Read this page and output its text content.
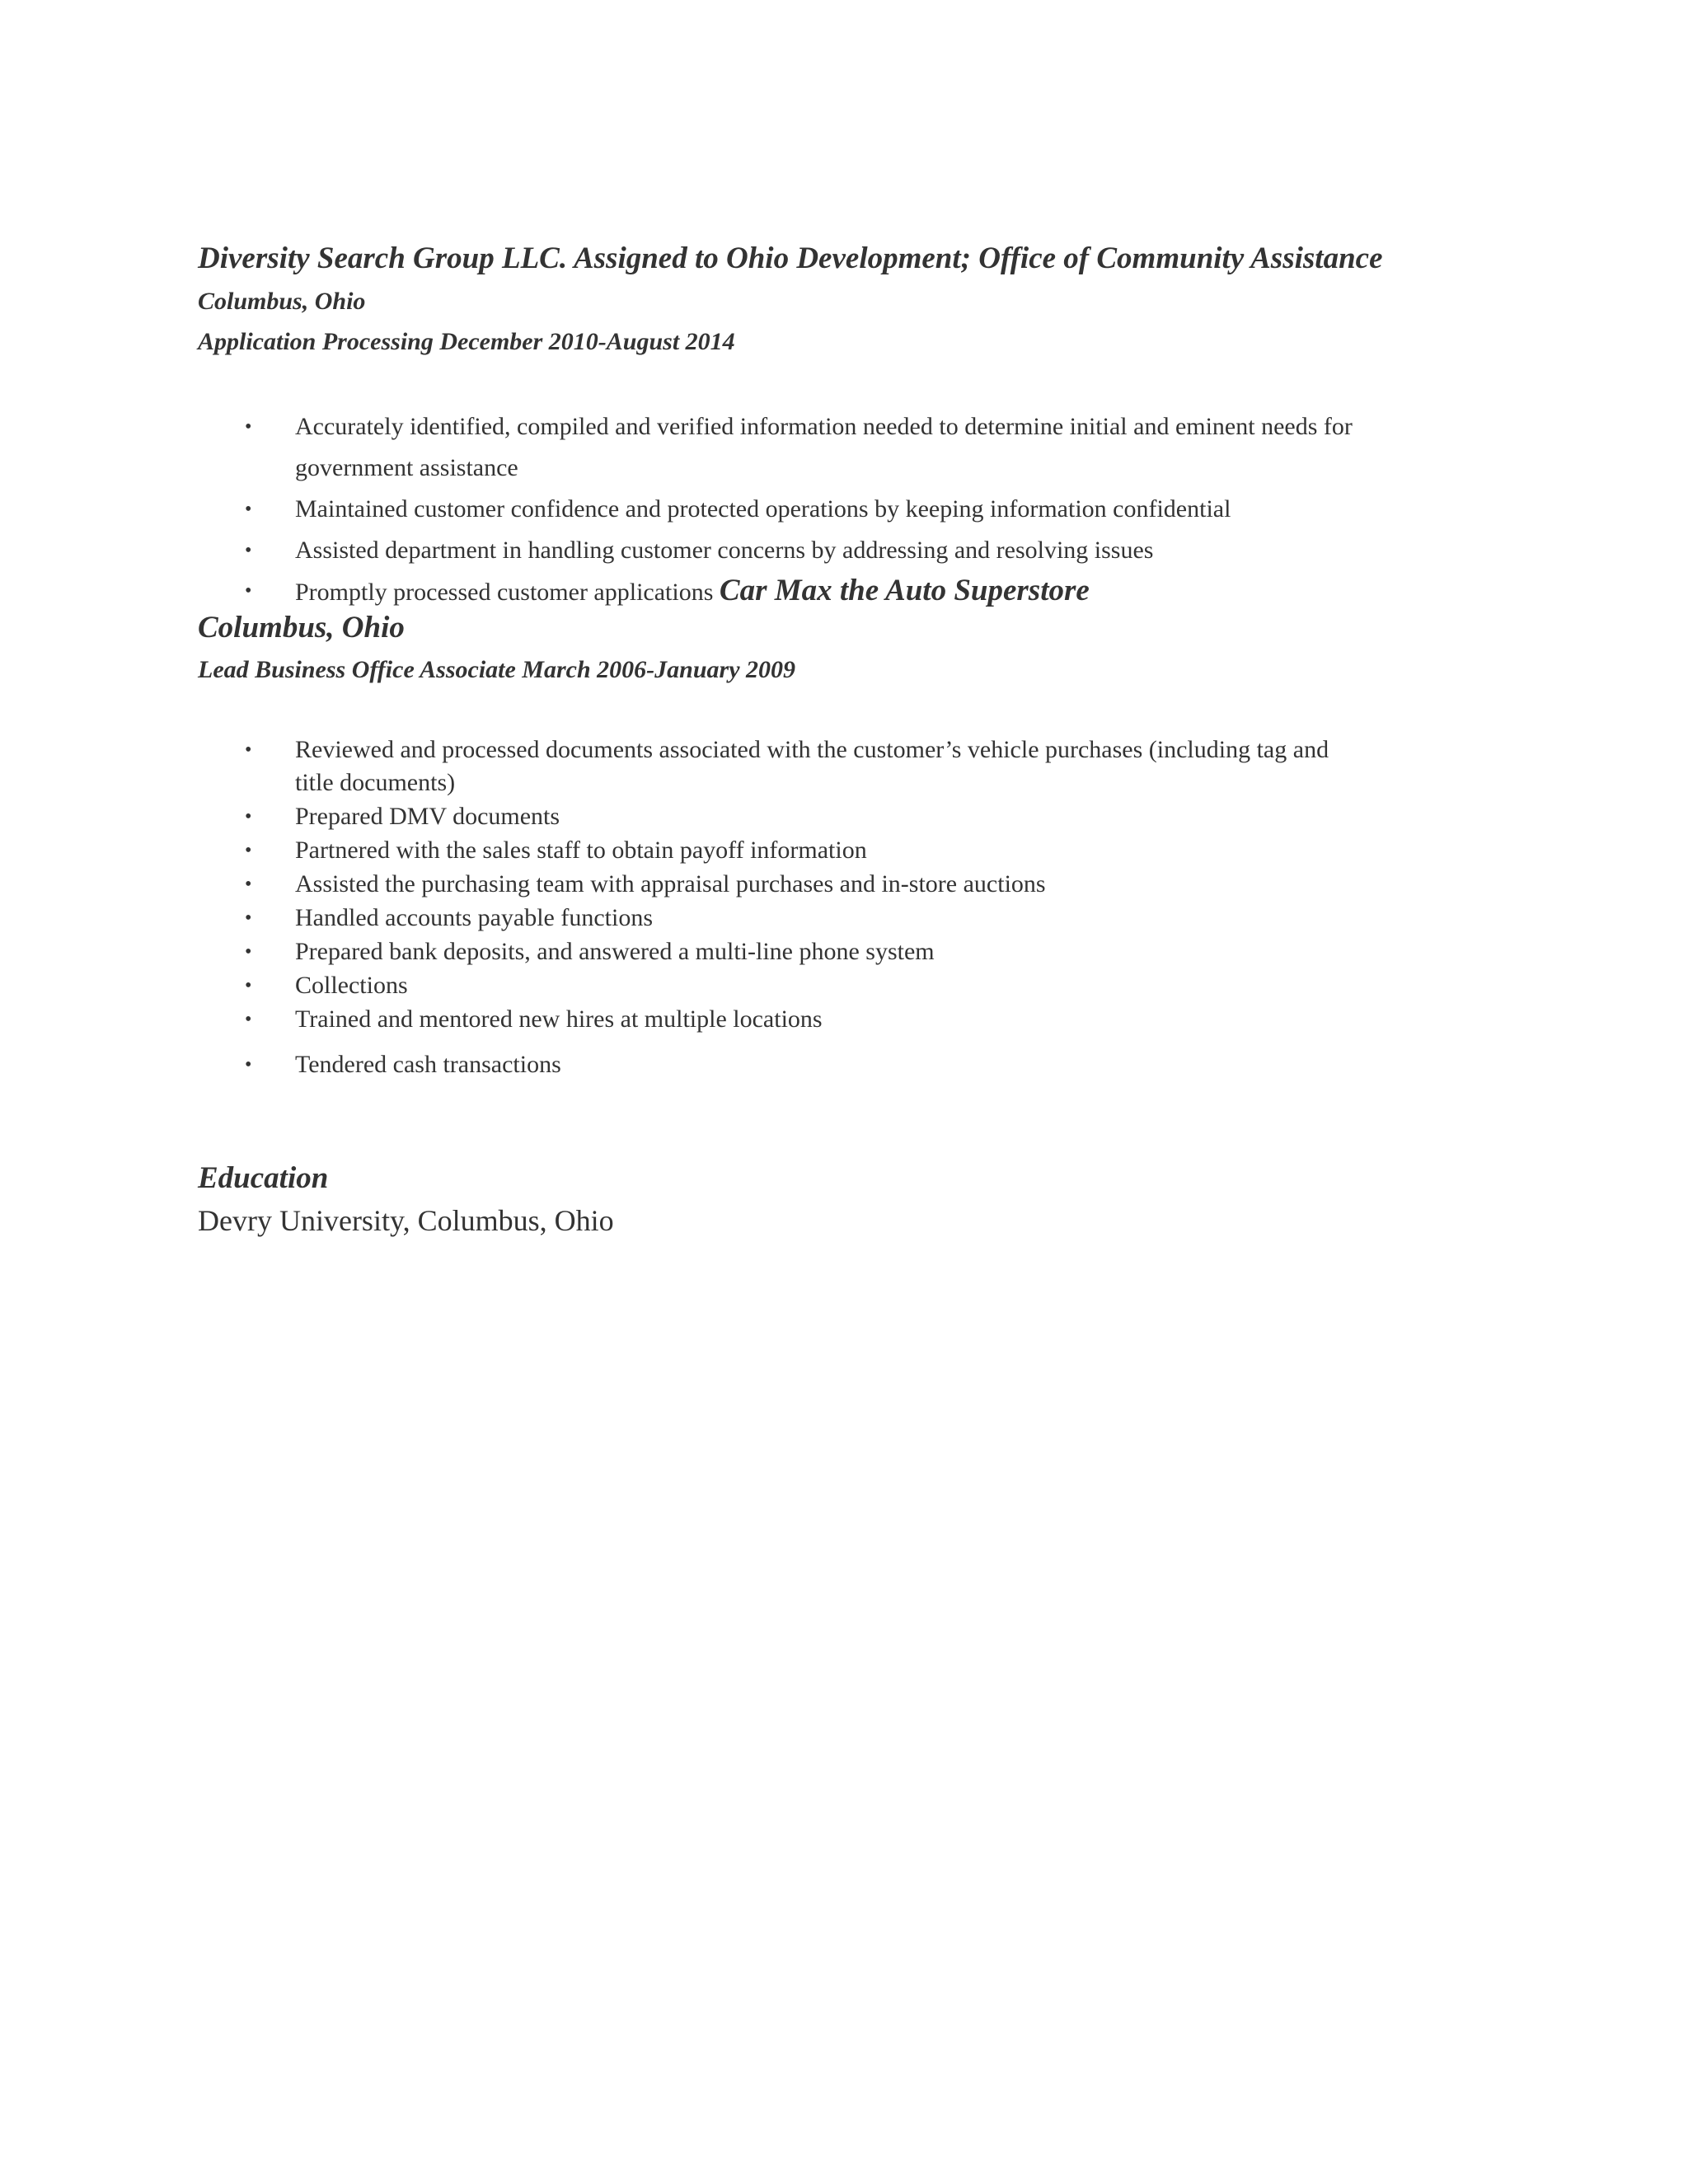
Diversity Search Group LLC. Assigned to Ohio Development; Office of Community Assistance
Columbus, Ohio
Application Processing December 2010-August 2014
• Accurately identified, compiled and verified information needed to determine initial and eminent needs for
government assistance
• Maintained customer confidence and protected operations by keeping information confidential
• Assisted department in handling customer concerns by addressing and resolving issues
• Promptly processed customer applications Car Max the Auto Superstore
Columbus, Ohio
Lead Business Office Associate March 2006-January 2009
• Reviewed and processed documents associated with the customer’s vehicle purchases (including tag and
title documents)
• Prepared DMV documents
• Partnered with the sales staff to obtain payoff information
• Assisted the purchasing team with appraisal purchases and in-store auctions
• Handled accounts payable functions
• Prepared bank deposits, and answered a multi-line phone system
• Collections
• Trained and mentored new hires at multiple locations
• Tendered cash transactions
Education
Devry University, Columbus, Ohio
